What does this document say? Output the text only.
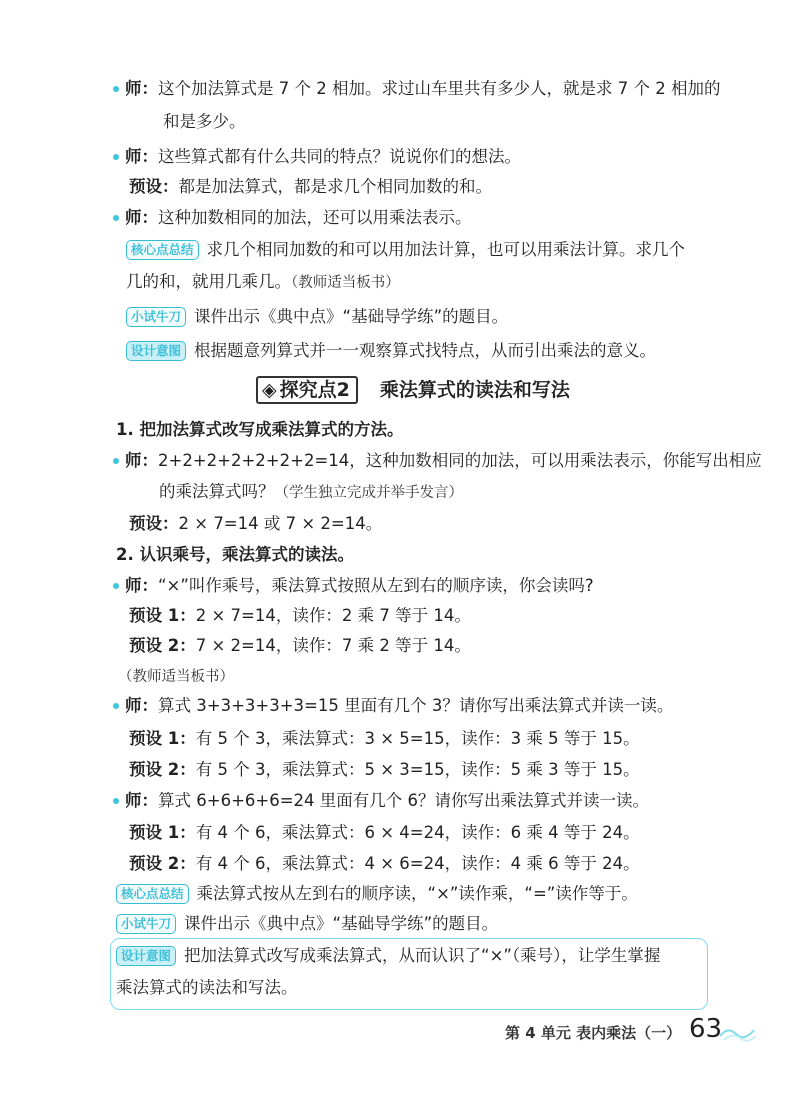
师：这个加法算式是 7 个 2 相加。求过山车里共有多少人，就是求 7 个 2 相加的
和是多少。
师：这些算式都有什么共同的特点？说说你们的想法。
预设：都是加法算式，都是求几个相同加数的和。
师：这种加数相同的加法，还可以用乘法表示。
核心点总结 求几个相同加数的和可以用加法计算，也可以用乘法计算。求几个
几的和，就用几乘几。（教师适当板书）
小试牛刀 课件出示《典中点》“基础导学练”的题目。
设计意图 根据题意列算式并一一观察算式找特点，从而引出乘法的意义。
◈ 探究点2 乘法算式的读法和写法
1. 把加法算式改写成乘法算式的方法。
师：2+2+2+2+2+2+2=14，这种加数相同的加法，可以用乘法表示，你能写出相应
的乘法算式吗？（学生独立完成并举手发言）
预设：2 × 7=14 或 7 × 2=14。
2. 认识乘号，乘法算式的读法。
师：“×”叫作乘号，乘法算式按照从左到右的顺序读，你会读吗?
预设 1：2 × 7=14，读作：2 乘 7 等于 14。
预设 2：7 × 2=14，读作：7 乘 2 等于 14。
（教师适当板书）
师：算式 3+3+3+3+3=15 里面有几个 3？请你写出乘法算式并读一读。
预设 1：有 5 个 3，乘法算式：3 × 5=15，读作：3 乘 5 等于 15。
预设 2：有 5 个 3，乘法算式：5 × 3=15，读作：5 乘 3 等于 15。
师：算式 6+6+6+6=24 里面有几个 6？请你写出乘法算式并读一读。
预设 1：有 4 个 6，乘法算式：6 × 4=24，读作：6 乘 4 等于 24。
预设 2：有 4 个 6，乘法算式：4 × 6=24，读作：4 乘 6 等于 24。
核心点总结 乘法算式按从左到右的顺序读，“×”读作乘，“=”读作等于。
小试牛刀 课件出示《典中点》“基础导学练”的题目。
设计意图 把加法算式改写成乘法算式，从而认识了“×”（乘号），让学生掌握
乘法算式的读法和写法。
第 4 单元 表内乘法（一） 63
